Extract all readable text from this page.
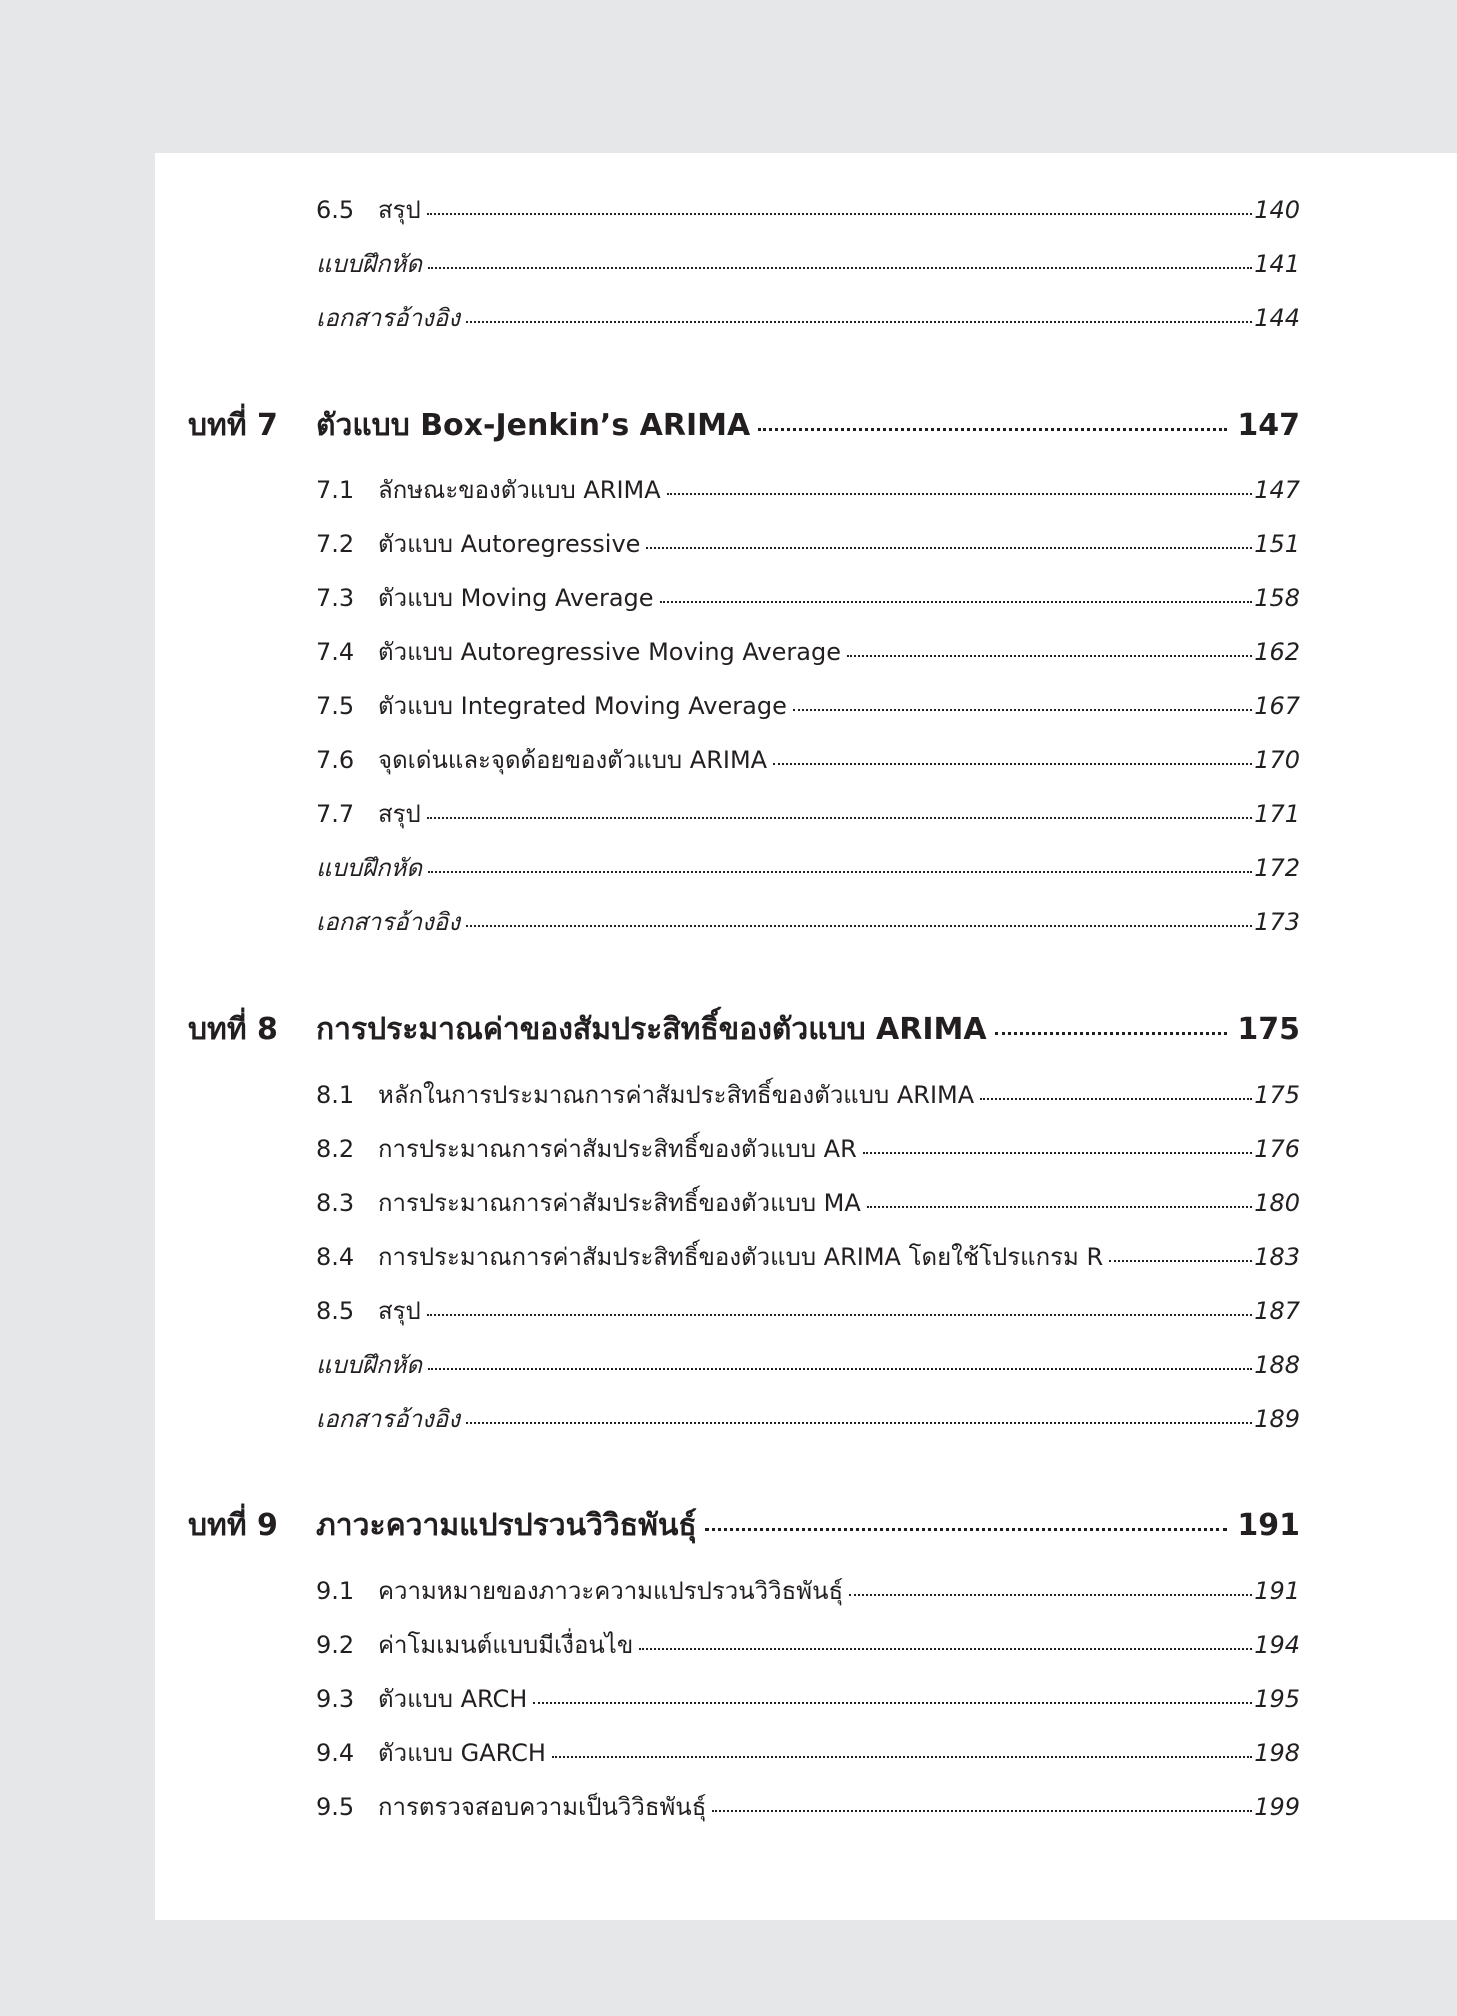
6.5 สรุป	140
แบบฝึกหัด	141
เอกสารอ้างอิง	144
บทที่ 7	ตัวแบบ Box-Jenkin’s ARIMA	147
7.1 ลักษณะของตัวแบบ ARIMA	147
7.2 ตัวแบบ Autoregressive	151
7.3 ตัวแบบ Moving Average	158
7.4 ตัวแบบ Autoregressive Moving Average	162
7.5 ตัวแบบ Integrated Moving Average	167
7.6 จุดเด่นและจุดด้อยของตัวแบบ ARIMA	170
7.7 สรุป	171
แบบฝึกหัด	172
เอกสารอ้างอิง	173
บทที่ 8	การประมาณค่าของสัมประสิทธิ์ของตัวแบบ ARIMA	175
8.1 หลักในการประมาณการค่าสัมประสิทธิ์ของตัวแบบ ARIMA	175
8.2 การประมาณการค่าสัมประสิทธิ์ของตัวแบบ AR	176
8.3 การประมาณการค่าสัมประสิทธิ์ของตัวแบบ MA	180
8.4 การประมาณการค่าสัมประสิทธิ์ของตัวแบบ ARIMA โดยใช้โปรแกรม R	183
8.5 สรุป	187
แบบฝึกหัด	188
เอกสารอ้างอิง	189
บทที่ 9	ภาวะความแปรปรวนวิวิธพันธุ์	191
9.1 ความหมายของภาวะความแปรปรวนวิวิธพันธุ์	191
9.2 ค่าโมเมนต์แบบมีเงื่อนไข	194
9.3 ตัวแบบ ARCH	195
9.4 ตัวแบบ GARCH	198
9.5 การตรวจสอบความเป็นวิวิธพันธุ์	199
